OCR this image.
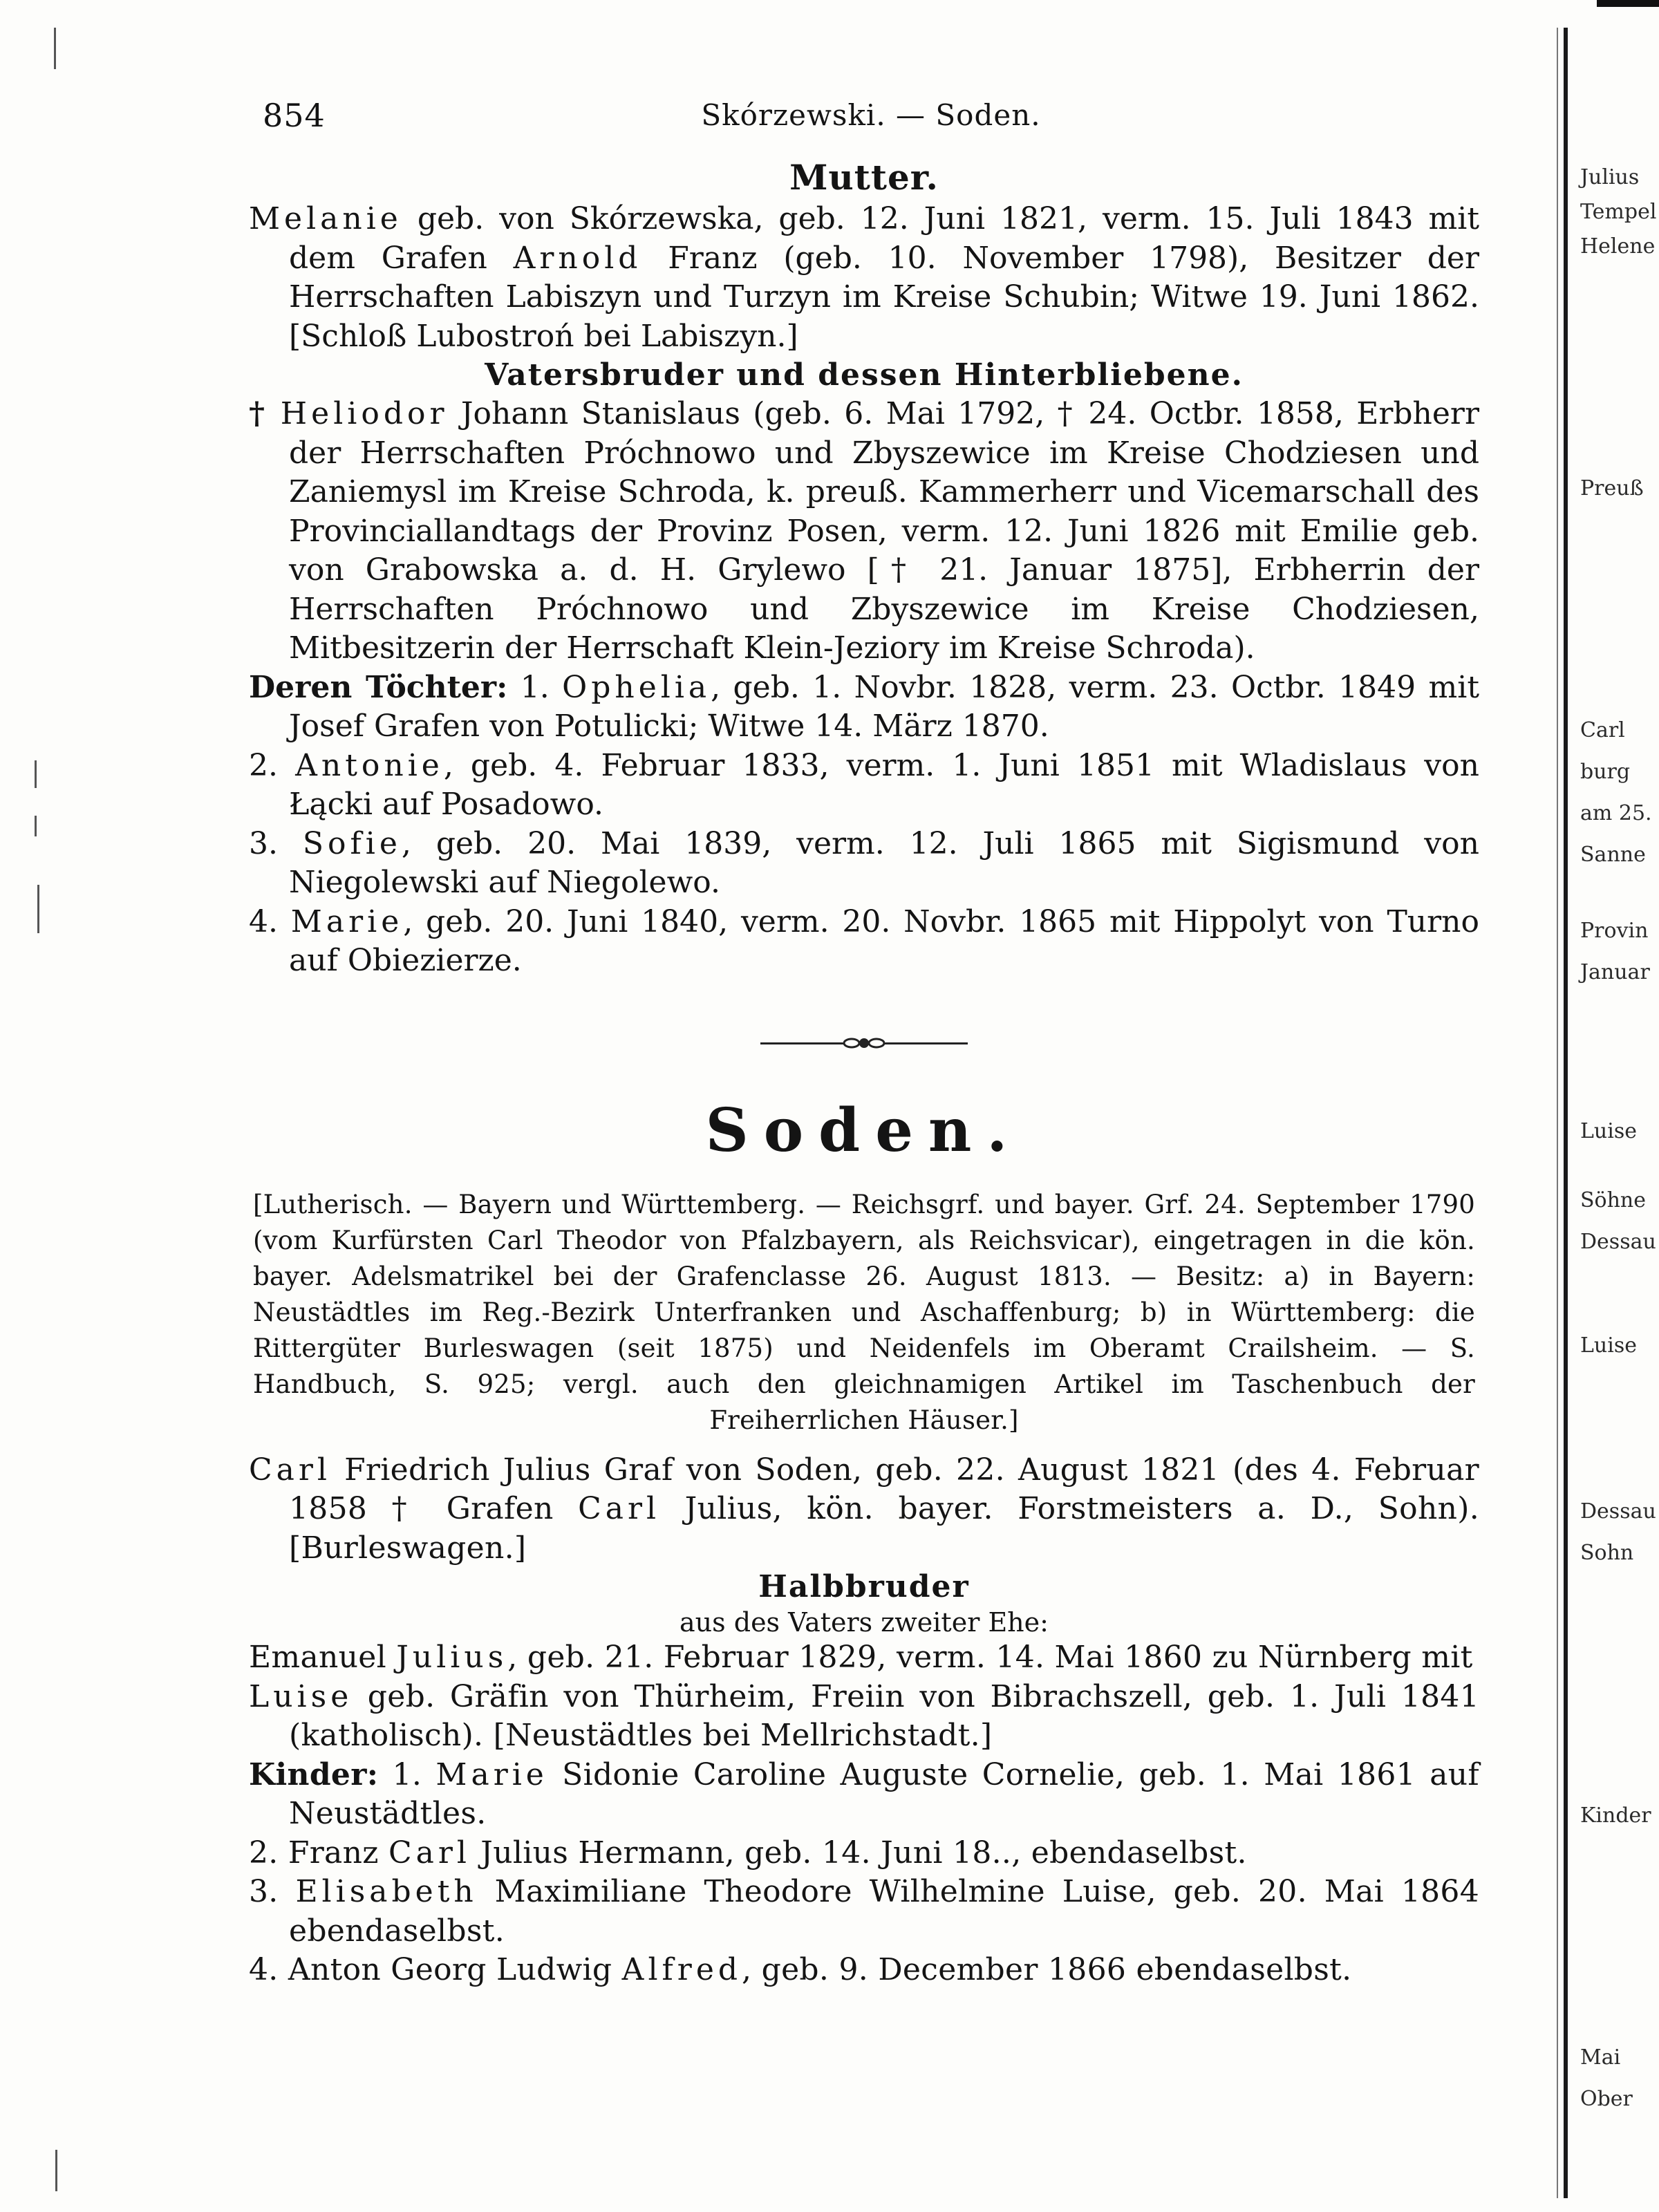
Julius
Tempel
Helene
Preuß
Carl
burg
am 25.
Sanne
Provin
Januar
Luise
Söhne
Dessau
Luise
Sohn
Kinder
Dessau
Mai
Ober
854	Skórzewski. — Soden.
Mutter.

Melanie geb. von Skórzewska, geb. 12. Juni 1821, verm. 15. Juli 1843 mit dem Grafen Arnold Franz (geb. 10. November 1798), Besitzer der Herrschaften Labiszyn und Turzyn im Kreise Schubin; Witwe 19. Juni 1862. [Schloß Lubostroń bei Labiszyn.]

Vatersbruder und dessen Hinterbliebene.

† Heliodor Johann Stanislaus (geb. 6. Mai 1792, † 24. Octbr. 1858, Erbherr der Herrschaften Próchnowo und Zbyszewice im Kreise Chodziesen und Zaniemysl im Kreise Schroda, k. preuß. Kammerherr und Vicemarschall des Provinciallandtags der Provinz Posen, verm. 12. Juni 1826 mit Emilie geb. von Grabowska a. d. H. Grylewo [† 21. Januar 1875], Erbherrin der Herrschaften Próchnowo und Zbyszewice im Kreise Chodziesen, Mitbesitzerin der Herrschaft Klein-Jeziory im Kreise Schroda).

Deren Töchter: 1. Ophelia, geb. 1. Novbr. 1828, verm. 23. Octbr. 1849 mit Josef Grafen von Potulicki; Witwe 14. März 1870.

2. Antonie, geb. 4. Februar 1833, verm. 1. Juni 1851 mit Wladislaus von Łącki auf Posadowo.

3. Sofie, geb. 20. Mai 1839, verm. 12. Juli 1865 mit Sigismund von Niegolewski auf Niegolewo.

4. Marie, geb. 20. Juni 1840, verm. 20. Novbr. 1865 mit Hippolyt von Turno auf Obiezierze.

Soden.

[Lutherisch. — Bayern und Württemberg. — Reichsgrf. und bayer. Grf. 24. September 1790 (vom Kurfürsten Carl Theodor von Pfalzbayern, als Reichsvicar), eingetragen in die kön. bayer. Adelsmatrikel bei der Grafenclasse 26. August 1813. — Besitz: a) in Bayern: Neustädtles im Reg.-Bezirk Unterfranken und Aschaffenburg; b) in Württemberg: die Rittergüter Burleswagen (seit 1875) und Neidenfels im Oberamt Crailsheim. — S. Handbuch, S. 925; vergl. auch den gleichnamigen Artikel im Taschenbuch der Freiherrlichen Häuser.]

Carl Friedrich Julius Graf von Soden, geb. 22. August 1821 (des 4. Februar 1858 † Grafen Carl Julius, kön. bayer. Forstmeisters a. D., Sohn). [Burleswagen.]

Halbbruder
aus des Vaters zweiter Ehe:

Emanuel Julius, geb. 21. Februar 1829, verm. 14. Mai 1860 zu Nürnberg mit

Luise geb. Gräfin von Thürheim, Freiin von Bibrachszell, geb. 1. Juli 1841 (katholisch). [Neustädtles bei Mellrichstadt.]

Kinder: 1. Marie Sidonie Caroline Auguste Cornelie, geb. 1. Mai 1861 auf Neustädtles.

2. Franz Carl Julius Hermann, geb. 14. Juni 18.., ebendaselbst.

3. Elisabeth Maximiliane Theodore Wilhelmine Luise, geb. 20. Mai 1864 ebendaselbst.

4. Anton Georg Ludwig Alfred, geb. 9. December 1866 ebendaselbst.
